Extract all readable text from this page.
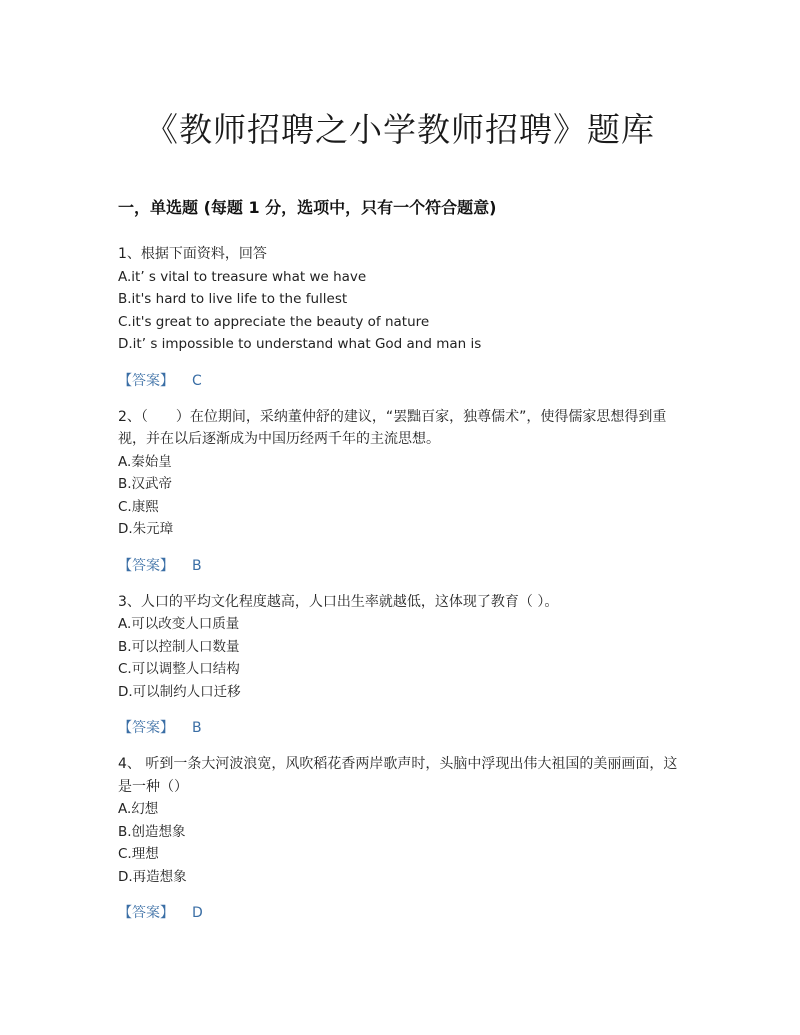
《教师招聘之小学教师招聘》题库
一，单选题 (每题 1 分，选项中，只有一个符合题意)
1、根据下面资料，回答
A.it’ s vital to treasure what we have
B.it's hard to live life to the fullest
C.it's great to appreciate the beauty of nature
D.it’ s impossible to understand what God and man is
【答案】 C
2、（　　）在位期间，采纳董仲舒的建议，“罢黜百家，独尊儒术”，使得儒家思想得到重视，并在以后逐渐成为中国历经两千年的主流思想。
A.秦始皇
B.汉武帝
C.康熙
D.朱元璋
【答案】 B
3、人口的平均文化程度越高，人口出生率就越低，这体现了教育（ ）。
A.可以改变人口质量
B.可以控制人口数量
C.可以调整人口结构
D.可以制约人口迁移
【答案】 B
4、 听到一条大河波浪宽，风吹稻花香两岸歌声时，头脑中浮现出伟大祖国的美丽画面，这是一种（）
A.幻想
B.创造想象
C.理想
D.再造想象
【答案】 D
